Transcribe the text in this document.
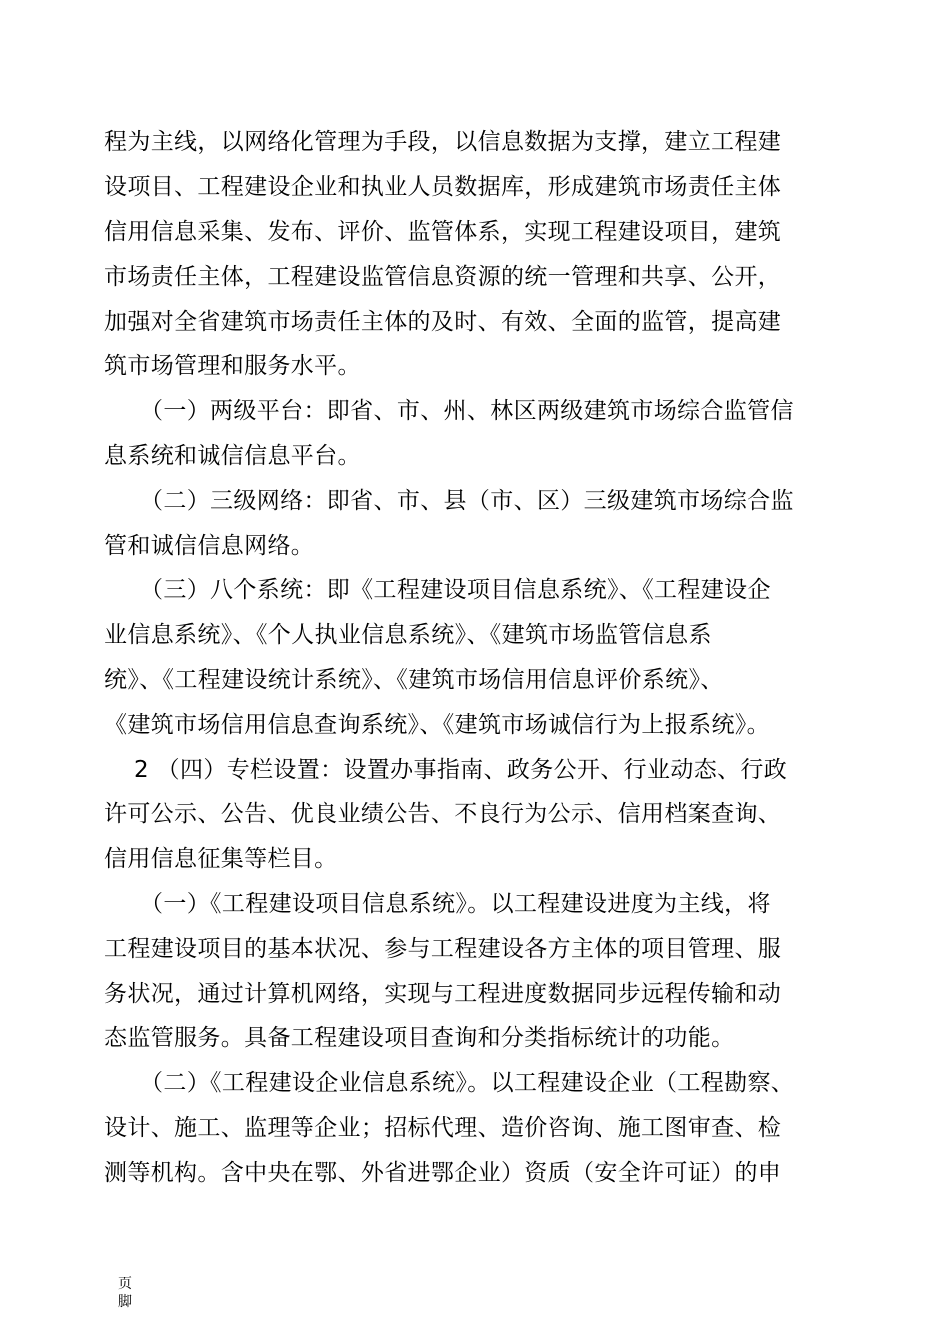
程为主线，以网络化管理为手段，以信息数据为支撑，建立工程建
设项目、工程建设企业和执业人员数据库，形成建筑市场责任主体
信用信息采集、发布、评价、监管体系，实现工程建设项目，建筑
市场责任主体，工程建设监管信息资源的统一管理和共享、公开，
加强对全省建筑市场责任主体的及时、有效、全面的监管，提高建
筑市场管理和服务水平。
（一）两级平台：即省、市、州、林区两级建筑市场综合监管信
息系统和诚信信息平台。
（二）三级网络：即省、市、县（市、区）三级建筑市场综合监
管和诚信信息网络。
（三）八个系统：即《工程建设项目信息系统》、《工程建设企
业信息系统》、《个人执业信息系统》、《建筑市场监管信息系
统》、《工程建设统计系统》、《建筑市场信用信息评价系统》、
《建筑市场信用信息查询系统》、《建筑市场诚信行为上报系统》。
2 （四）专栏设置：设置办事指南、政务公开、行业动态、行政
许可公示、公告、优良业绩公告、不良行为公示、信用档案查询、
信用信息征集等栏目。
（一）《工程建设项目信息系统》。以工程建设进度为主线，将
工程建设项目的基本状况、参与工程建设各方主体的项目管理、服
务状况，通过计算机网络，实现与工程进度数据同步远程传输和动
态监管服务。具备工程建设项目查询和分类指标统计的功能。
（二）《工程建设企业信息系统》。以工程建设企业（工程勘察、
设计、施工、监理等企业；招标代理、造价咨询、施工图审查、检
测等机构。含中央在鄂、外省进鄂企业）资质（安全许可证）的申
页
脚
